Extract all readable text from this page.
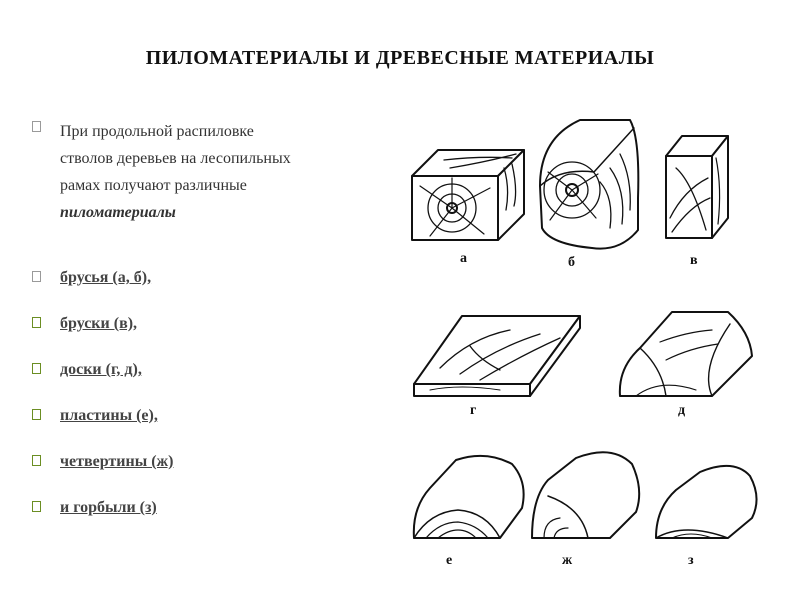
ПИЛОМАТЕРИАЛЫ И ДРЕВЕСНЫЕ МАТЕРИАЛЫ
При продольной распиловке
стволов деревьев на лесопильных
рамах получают различные
пиломатериалы
брусья (а, б),
бруски (в),
доски (г, д),
пластины (е),
четвертины (ж)
и горбыли (з)
а	б	в
г	д
е	ж	з
